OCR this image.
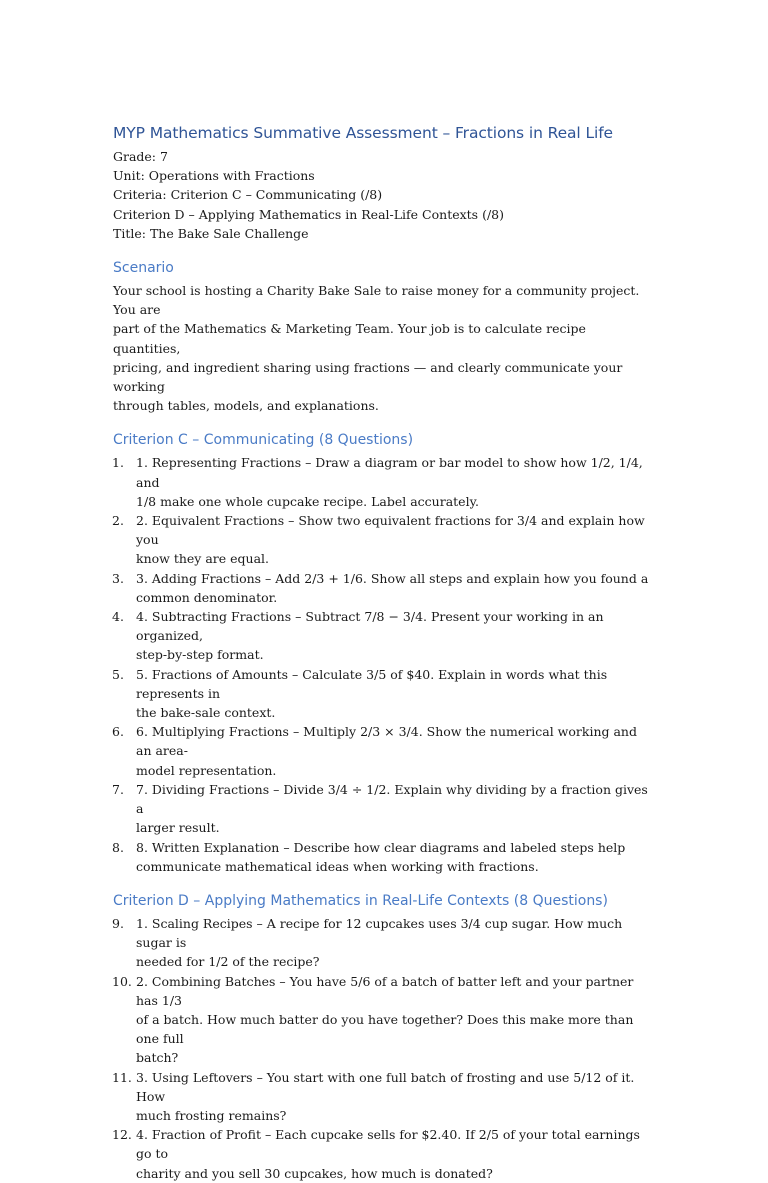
MYP Mathematics Summative Assessment – Fractions in Real Life
Grade: 7
Unit: Operations with Fractions
Criteria: Criterion C – Communicating (/8)
Criterion D – Applying Mathematics in Real-Life Contexts (/8)
Title: The Bake Sale Challenge
Scenario
Your school is hosting a Charity Bake Sale to raise money for a community project. You are
part of the Mathematics & Marketing Team. Your job is to calculate recipe quantities,
pricing, and ingredient sharing using fractions — and clearly communicate your working
through tables, models, and explanations.
Criterion C – Communicating (8 Questions)
1. 1. Representing Fractions – Draw a diagram or bar model to show how 1/2, 1/4, and
1/8 make one whole cupcake recipe. Label accurately.
2. 2. Equivalent Fractions – Show two equivalent fractions for 3/4 and explain how you
know they are equal.
3. 3. Adding Fractions – Add 2/3 + 1/6. Show all steps and explain how you found a
common denominator.
4. 4. Subtracting Fractions – Subtract 7/8 − 3/4. Present your working in an organized,
step-by-step format.
5. 5. Fractions of Amounts – Calculate 3/5 of $40. Explain in words what this represents in
the bake-sale context.
6. 6. Multiplying Fractions – Multiply 2/3 × 3/4. Show the numerical working and an area-
model representation.
7. 7. Dividing Fractions – Divide 3/4 ÷ 1/2. Explain why dividing by a fraction gives a
larger result.
8. 8. Written Explanation – Describe how clear diagrams and labeled steps help
communicate mathematical ideas when working with fractions.
Criterion D – Applying Mathematics in Real-Life Contexts (8 Questions)
9. 1. Scaling Recipes – A recipe for 12 cupcakes uses 3/4 cup sugar. How much sugar is
needed for 1/2 of the recipe?
10. 2. Combining Batches – You have 5/6 of a batch of batter left and your partner has 1/3
of a batch. How much batter do you have together? Does this make more than one full
batch?
11. 3. Using Leftovers – You start with one full batch of frosting and use 5/12 of it. How
much frosting remains?
12. 4. Fraction of Profit – Each cupcake sells for $2.40. If 2/5 of your total earnings go to
charity and you sell 30 cupcakes, how much is donated?
